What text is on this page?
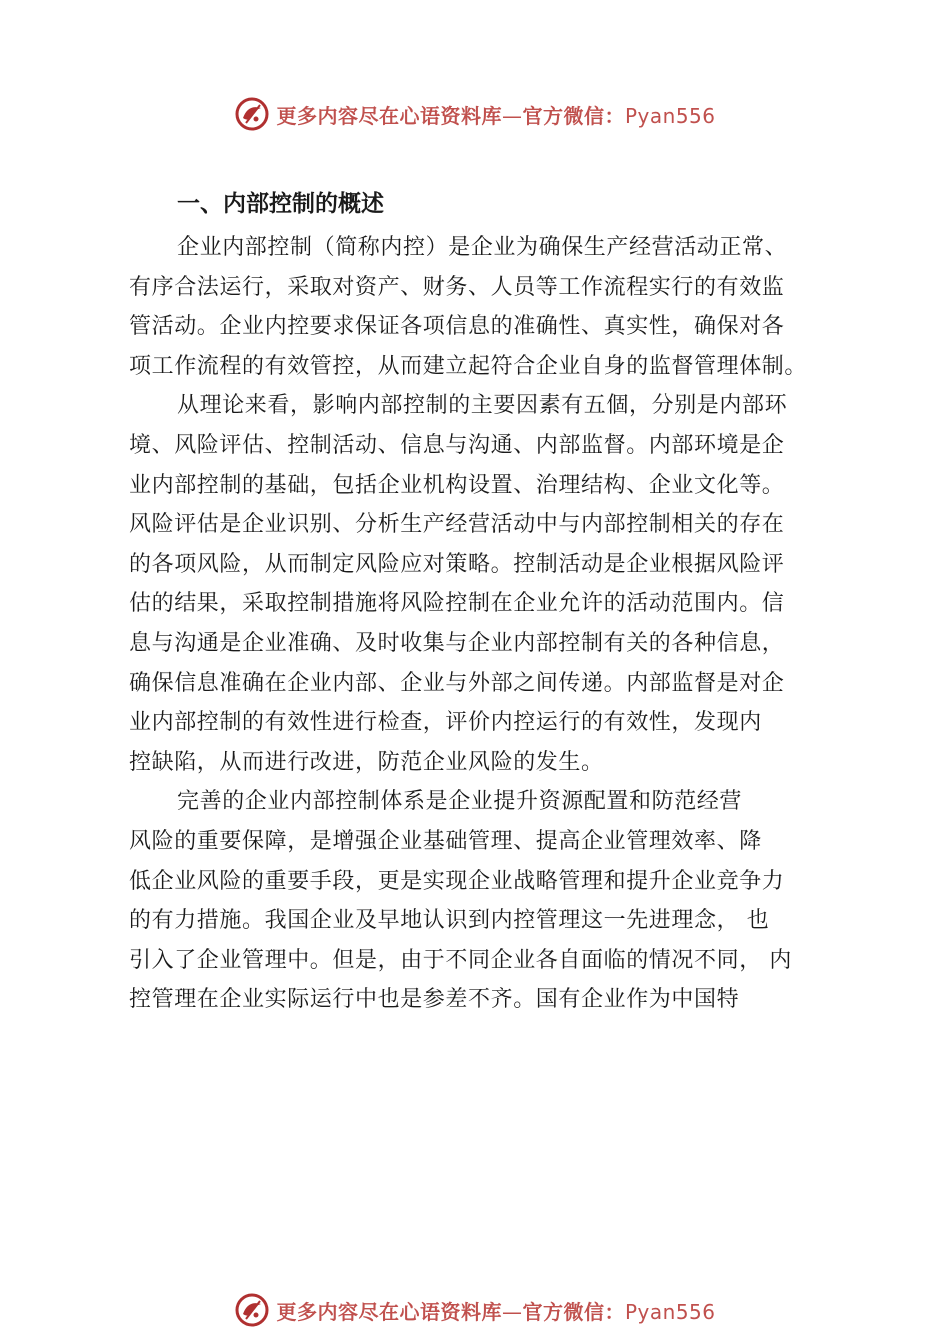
更多内容尽在心语资料库—官方微信：Pyan556
一、内部控制的概述
企业内部控制（简称内控）是企业为确保生产经营活动正常、
有序合法运行，采取对资产、财务、人员等工作流程实行的有效监
管活动。企业内控要求保证各项信息的准确性、真实性，确保对各
项工作流程的有效管控，从而建立起符合企业自身的监督管理体制。
从理论来看，影响内部控制的主要因素有五個，分别是内部环
境、风险评估、控制活动、信息与沟通、内部监督。内部环境是企
业内部控制的基础，包括企业机构设置、治理结构、企业文化等。
风险评估是企业识别、分析生产经营活动中与内部控制相关的存在
的各项风险，从而制定风险应对策略。控制活动是企业根据风险评
估的结果，采取控制措施将风险控制在企业允许的活动范围内。信
息与沟通是企业准确、及时收集与企业内部控制有关的各种信息，
确保信息准确在企业内部、企业与外部之间传递。内部监督是对企
业内部控制的有效性进行检查，评价内控运行的有效性，发现内
控缺陷，从而进行改进，防范企业风险的发生。
完善的企业内部控制体系是企业提升资源配置和防范经营
风险的重要保障，是增强企业基础管理、提高企业管理效率、降
低企业风险的重要手段，更是实现企业战略管理和提升企业竞争力
的有力措施。我国企业及早地认识到内控管理这一先进理念， 也
引入了企业管理中。但是，由于不同企业各自面临的情况不同， 内
控管理在企业实际运行中也是参差不齐。国有企业作为中国特
更多内容尽在心语资料库—官方微信：Pyan556
